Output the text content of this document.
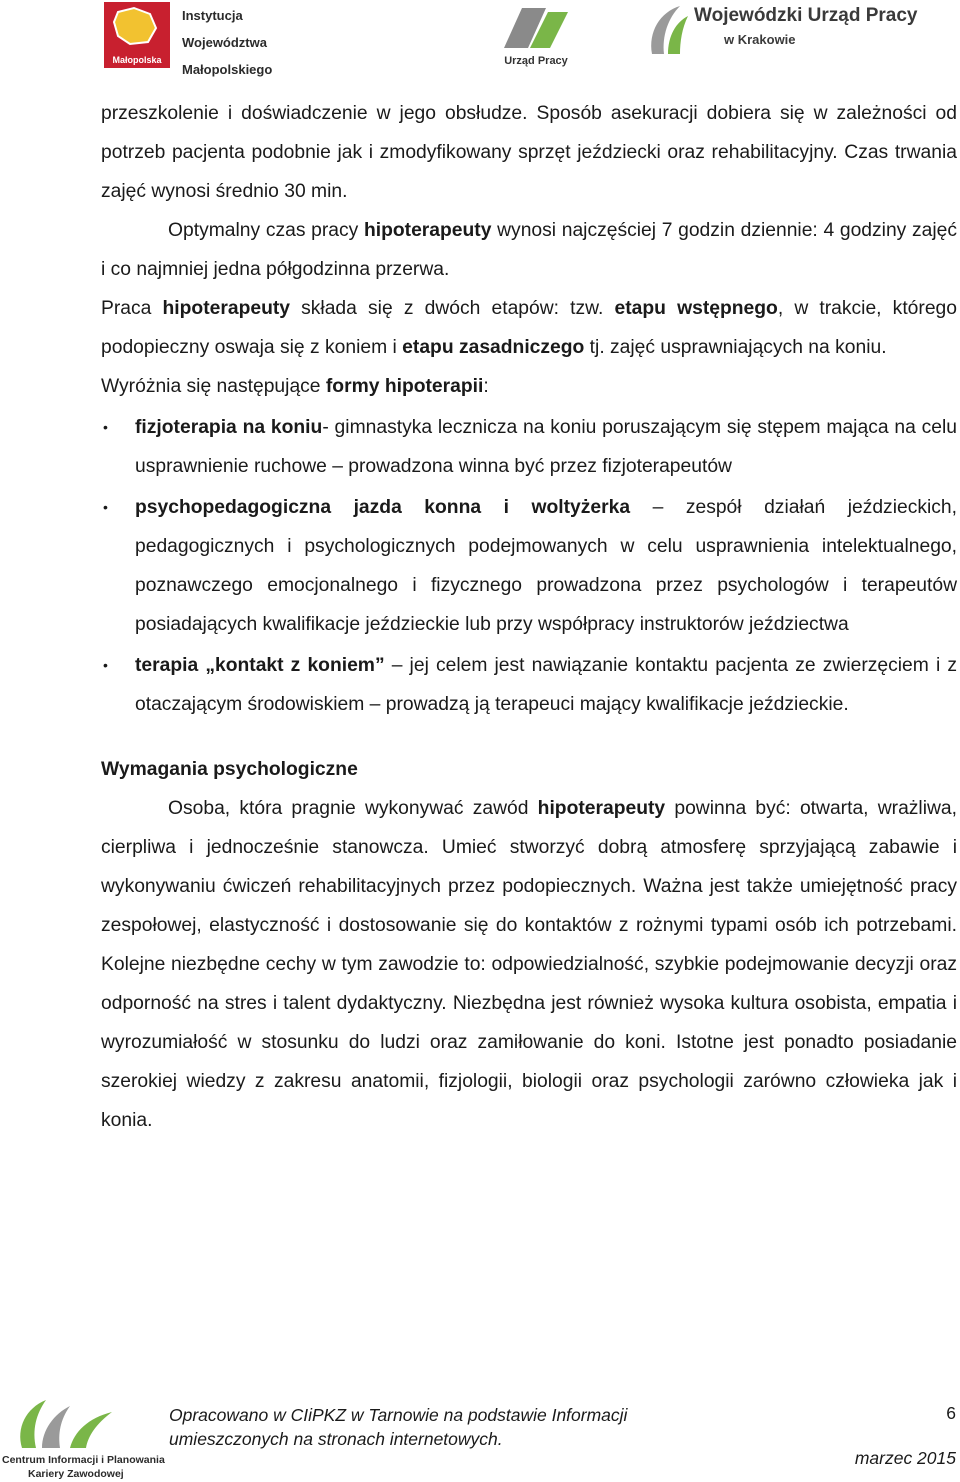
Małopolska
Instytucja
Województwa
Małopolskiego
Urząd Pracy
Wojewódzki Urząd Pracy
w Krakowie

przeszkolenie i doświadczenie w jego obsłudze. Sposób asekuracji dobiera się w zależności od potrzeb pacjenta podobnie jak i zmodyfikowany sprzęt jeździecki oraz rehabilitacyjny. Czas trwania zajęć wynosi średnio 30 min.

Optymalny czas pracy hipoterapeuty wynosi najczęściej 7 godzin dziennie: 4 godziny zajęć i co najmniej jedna półgodzinna przerwa.

Praca hipoterapeuty składa się z dwóch etapów: tzw. etapu wstępnego, w trakcie, którego podopieczny oswaja się z koniem i etapu zasadniczego tj. zajęć usprawniających na koniu.

Wyróżnia się następujące formy hipoterapii:

• fizjoterapia na koniu- gimnastyka lecznicza na koniu poruszającym się stępem mająca na celu usprawnienie ruchowe – prowadzona winna być przez fizjoterapeutów
• psychopedagogiczna jazda konna i woltyżerka – zespół działań jeździeckich, pedagogicznych i psychologicznych podejmowanych w celu usprawnienia intelektualnego, poznawczego emocjonalnego i fizycznego prowadzona przez psychologów i terapeutów posiadających kwalifikacje jeździeckie lub przy współpracy instruktorów jeździectwa
• terapia „kontakt z koniem” – jej celem jest nawiązanie kontaktu pacjenta ze zwierzęciem i z otaczającym środowiskiem – prowadzą ją terapeuci mający kwalifikacje jeździeckie.

Wymagania psychologiczne

Osoba, która pragnie wykonywać zawód hipoterapeuty powinna być: otwarta, wrażliwa, cierpliwa i jednocześnie stanowcza. Umieć stworzyć dobrą atmosferę sprzyjającą zabawie i wykonywaniu ćwiczeń rehabilitacyjnych przez podopiecznych. Ważna jest także umiejętność pracy zespołowej, elastyczność i dostosowanie się do kontaktów z rożnymi typami osób ich potrzebami. Kolejne niezbędne cechy w tym zawodzie to: odpowiedzialność, szybkie podejmowanie decyzji oraz odporność na stres i talent dydaktyczny. Niezbędna jest również wysoka kultura osobista, empatia i wyrozumiałość w stosunku do ludzi oraz zamiłowanie do koni. Istotne jest ponadto posiadanie szerokiej wiedzy z zakresu anatomii, fizjologii, biologii oraz psychologii zarówno człowieka jak i konia.

Centrum Informacji i Planowania
Kariery Zawodowej
Opracowano w CIiPKZ w Tarnowie na podstawie Informacji
umieszczonych na stronach internetowych.
6
marzec 2015
